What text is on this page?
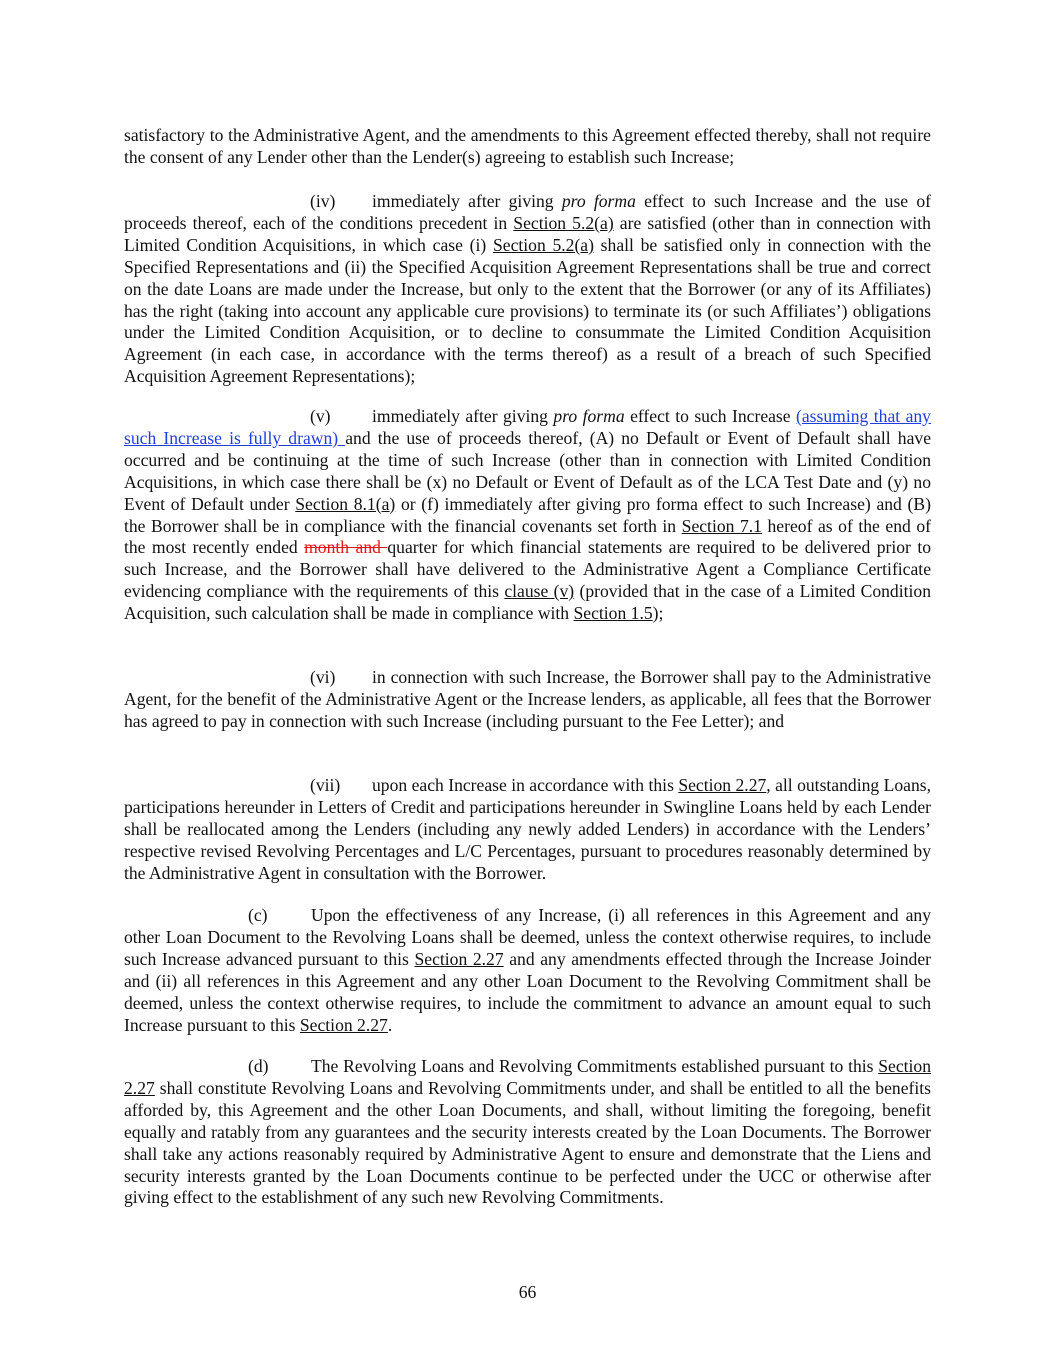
satisfactory to the Administrative Agent, and the amendments to this Agreement effected thereby, shall not require the consent of any Lender other than the Lender(s) agreeing to establish such Increase;

(iv) immediately after giving pro forma effect to such Increase and the use of proceeds thereof, each of the conditions precedent in Section 5.2(a) are satisfied (other than in connection with Limited Condition Acquisitions, in which case (i) Section 5.2(a) shall be satisfied only in connection with the Specified Representations and (ii) the Specified Acquisition Agreement Representations shall be true and correct on the date Loans are made under the Increase, but only to the extent that the Borrower (or any of its Affiliates) has the right (taking into account any applicable cure provisions) to terminate its (or such Affiliates’) obligations under the Limited Condition Acquisition, or to decline to consummate the Limited Condition Acquisition Agreement (in each case, in accordance with the terms thereof) as a result of a breach of such Specified Acquisition Agreement Representations);

(v) immediately after giving pro forma effect to such Increase (assuming that any such Increase is fully drawn) and the use of proceeds thereof, (A) no Default or Event of Default shall have occurred and be continuing at the time of such Increase (other than in connection with Limited Condition Acquisitions, in which case there shall be (x) no Default or Event of Default as of the LCA Test Date and (y) no Event of Default under Section 8.1(a) or (f) immediately after giving pro forma effect to such Increase) and (B) the Borrower shall be in compliance with the financial covenants set forth in Section 7.1 hereof as of the end of the most recently ended month and quarter for which financial statements are required to be delivered prior to such Increase, and the Borrower shall have delivered to the Administrative Agent a Compliance Certificate evidencing compliance with the requirements of this clause (v) (provided that in the case of a Limited Condition Acquisition, such calculation shall be made in compliance with Section 1.5);

(vi) in connection with such Increase, the Borrower shall pay to the Administrative Agent, for the benefit of the Administrative Agent or the Increase lenders, as applicable, all fees that the Borrower has agreed to pay in connection with such Increase (including pursuant to the Fee Letter); and

(vii) upon each Increase in accordance with this Section 2.27, all outstanding Loans, participations hereunder in Letters of Credit and participations hereunder in Swingline Loans held by each Lender shall be reallocated among the Lenders (including any newly added Lenders) in accordance with the Lenders’ respective revised Revolving Percentages and L/C Percentages, pursuant to procedures reasonably determined by the Administrative Agent in consultation with the Borrower.

(c) Upon the effectiveness of any Increase, (i) all references in this Agreement and any other Loan Document to the Revolving Loans shall be deemed, unless the context otherwise requires, to include such Increase advanced pursuant to this Section 2.27 and any amendments effected through the Increase Joinder and (ii) all references in this Agreement and any other Loan Document to the Revolving Commitment shall be deemed, unless the context otherwise requires, to include the commitment to advance an amount equal to such Increase pursuant to this Section 2.27.

(d) The Revolving Loans and Revolving Commitments established pursuant to this Section 2.27 shall constitute Revolving Loans and Revolving Commitments under, and shall be entitled to all the benefits afforded by, this Agreement and the other Loan Documents, and shall, without limiting the foregoing, benefit equally and ratably from any guarantees and the security interests created by the Loan Documents. The Borrower shall take any actions reasonably required by Administrative Agent to ensure and demonstrate that the Liens and security interests granted by the Loan Documents continue to be perfected under the UCC or otherwise after giving effect to the establishment of any such new Revolving Commitments.

66
